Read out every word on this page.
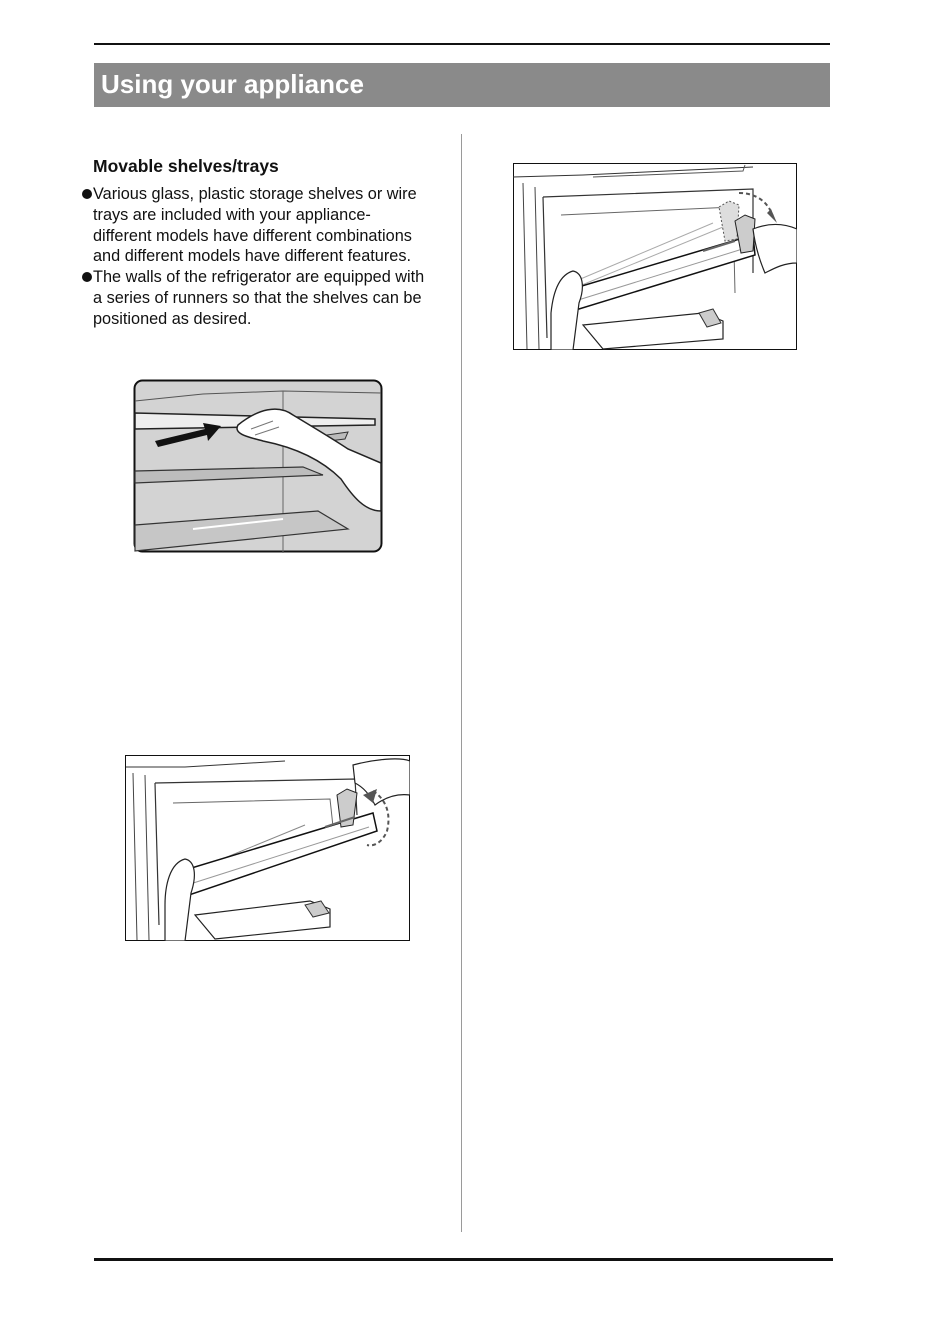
Using your appliance
Movable shelves/trays
Various glass, plastic storage shelves or wire trays are included with your appliance-different models have different combinations and different models have different features.
The walls of the refrigerator are equipped with a series of runners so that the shelves can be positioned as desired.
